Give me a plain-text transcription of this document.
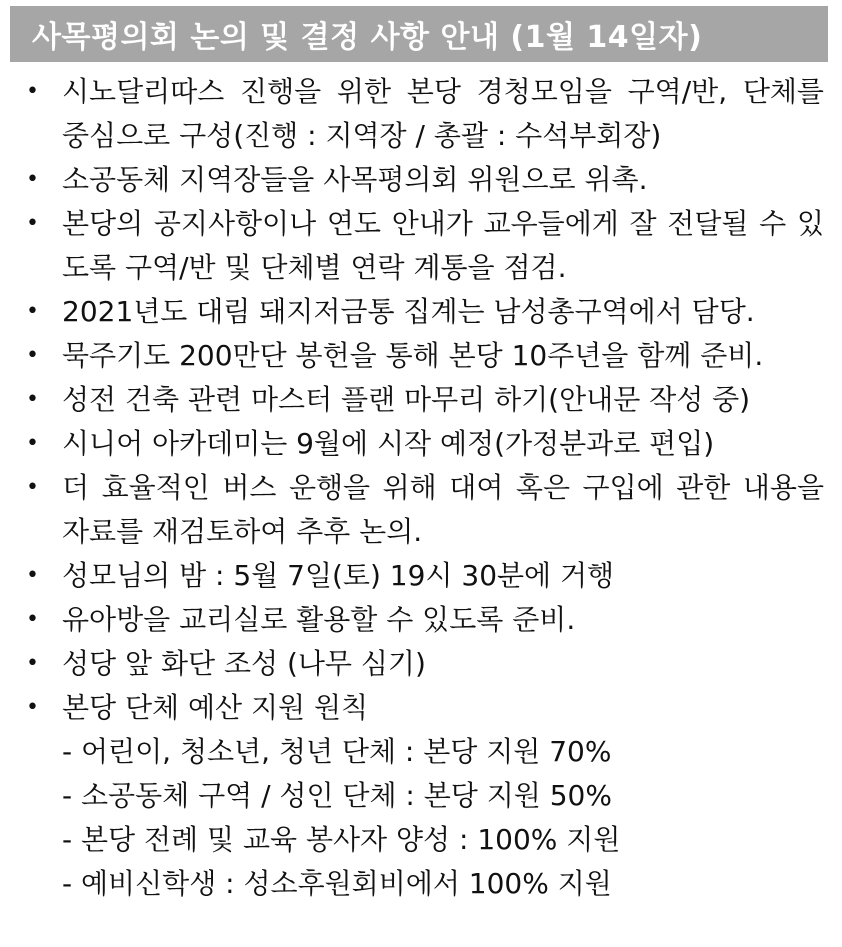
사목평의회 논의 및 결정 사항 안내 (1월 14일자)
• 시노달리따스 진행을 위한 본당 경청모임을 구역/반, 단체를
중심으로 구성(진행 : 지역장 / 총괄 : 수석부회장)
• 소공동체 지역장들을 사목평의회 위원으로 위촉.
• 본당의 공지사항이나 연도 안내가 교우들에게 잘 전달될 수 있
도록 구역/반 및 단체별 연락 계통을 점검.
• 2021년도 대림 돼지저금통 집계는 남성총구역에서 담당.
• 묵주기도 200만단 봉헌을 통해 본당 10주년을 함께 준비.
• 성전 건축 관련 마스터 플랜 마무리 하기(안내문 작성 중)
• 시니어 아카데미는 9월에 시작 예정(가정분과로 편입)
• 더 효율적인 버스 운행을 위해 대여 혹은 구입에 관한 내용을
자료를 재검토하여 추후 논의.
• 성모님의 밤 : 5월 7일(토) 19시 30분에 거행
• 유아방을 교리실로 활용할 수 있도록 준비.
• 성당 앞 화단 조성 (나무 심기)
• 본당 단체 예산 지원 원칙
- 어린이, 청소년, 청년 단체 : 본당 지원 70%
- 소공동체 구역 / 성인 단체 : 본당 지원 50%
- 본당 전례 및 교육 봉사자 양성 : 100% 지원
- 예비신학생 : 성소후원회비에서 100% 지원
